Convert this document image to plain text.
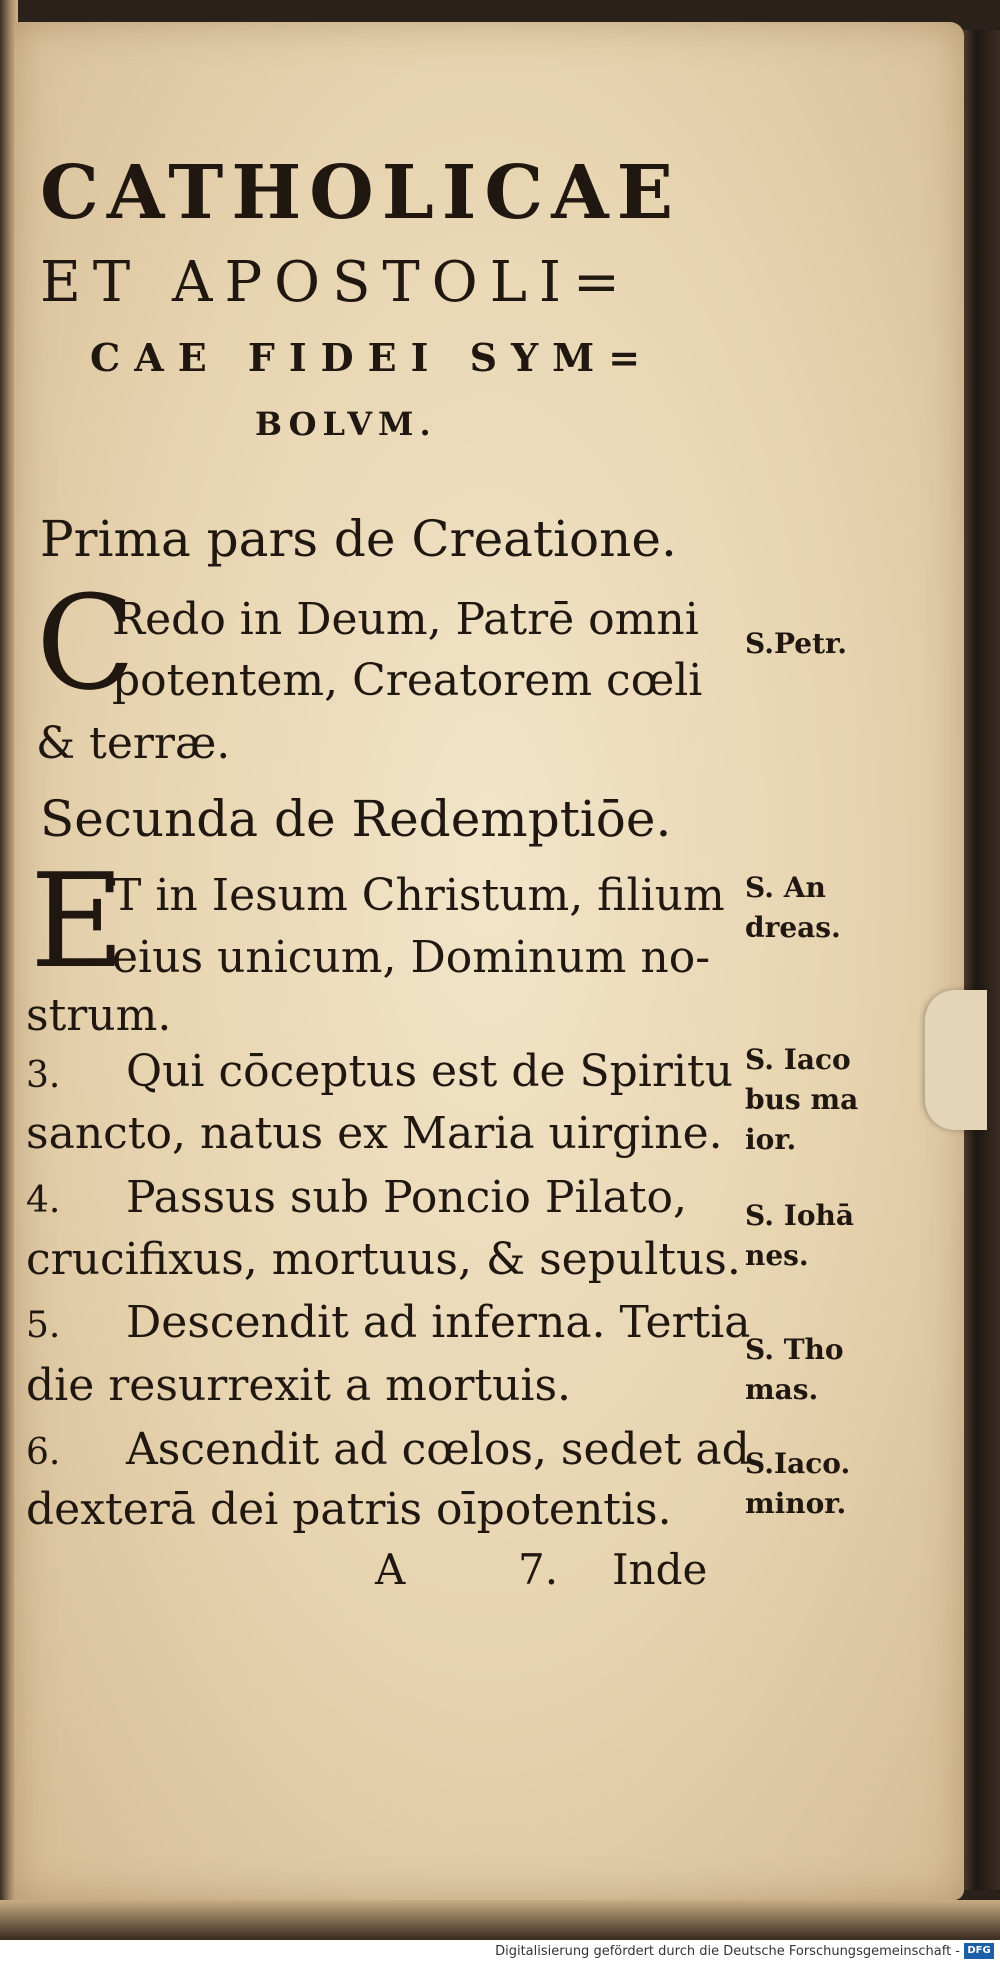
CATHOLICAE
ET APOSTOLI=
CAE FIDEI SYM=
BOLVM.
Prima pars de Creatione.
C
Redo in Deum, Patrē omni
potentem, Creatorem cœli
& terræ.
S.Petr.
Secunda de Redemptiōe.
E
T in Iesum Christum, filium
eius unicum, Dominum no-
strum.
S. An
dreas.
3. Qui cōceptus est de Spiritu
sancto, natus ex Maria uirgine.
S. Iaco
bus ma
ior.
4. Passus sub Poncio Pilato,
crucifixus, mortuus, & sepultus.
S. Iohā
nes.
5. Descendit ad inferna. Tertia
die resurrexit a mortuis.
S. Tho
mas.
6. Ascendit ad cœlos, sedet ad
dexterā dei patris oīpotentis.
S.Iaco.
minor.
A	7. Inde
Digitalisierung gefördert durch die Deutsche Forschungsgemeinschaft - DFG
